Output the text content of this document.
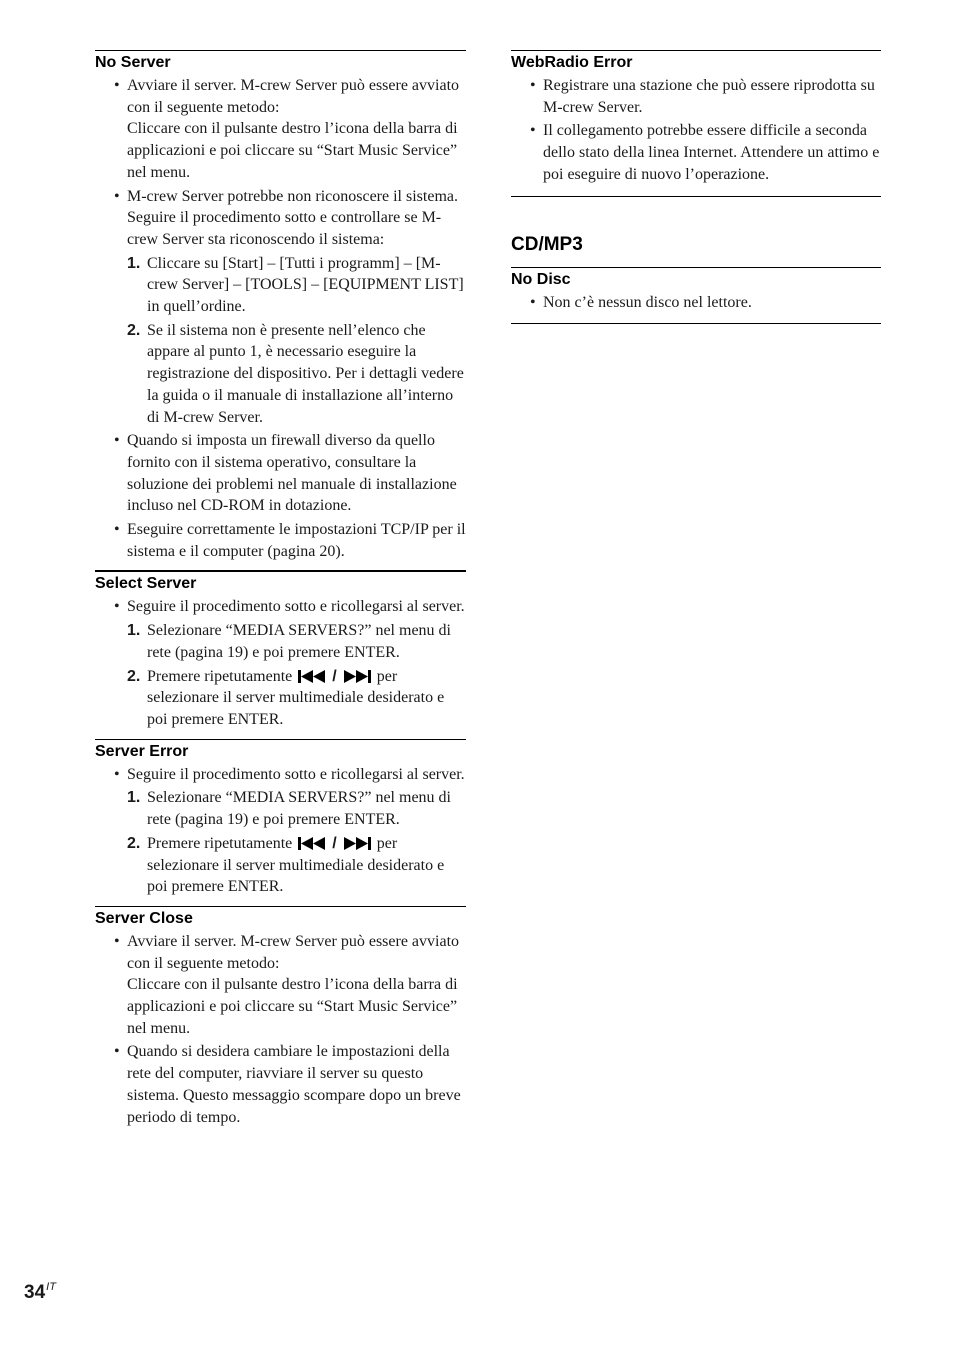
No Server
• Avviare il server. M-crew Server può essere avviato con il seguente metodo:
Cliccare con il pulsante destro l’icona della barra di applicazioni e poi cliccare su “Start Music Service” nel menu.
• M-crew Server potrebbe non riconoscere il sistema. Seguire il procedimento sotto e controllare se M-crew Server sta riconoscendo il sistema:
1. Cliccare su [Start] – [Tutti i programm] – [M-crew Server] – [TOOLS] – [EQUIPMENT LIST] in quell’ordine.
2. Se il sistema non è presente nell’elenco che appare al punto 1, è necessario eseguire la registrazione del dispositivo. Per i dettagli vedere la guida o il manuale di installazione all’interno di M-crew Server.
• Quando si imposta un firewall diverso da quello fornito con il sistema operativo, consultare la soluzione dei problemi nel manuale di installazione incluso nel CD-ROM in dotazione.
• Eseguire correttamente le impostazioni TCP/IP per il sistema e il computer (pagina 20).
Select Server
• Seguire il procedimento sotto e ricollegarsi al server.
1. Selezionare “MEDIA SERVERS?” nel menu di rete (pagina 19) e poi premere ENTER.
2. Premere ripetutamente	/	per selezionare il server multimediale desiderato e poi premere ENTER.
Server Error
• Seguire il procedimento sotto e ricollegarsi al server.
1. Selezionare “MEDIA SERVERS?” nel menu di rete (pagina 19) e poi premere ENTER.
2. Premere ripetutamente	/	per selezionare il server multimediale desiderato e poi premere ENTER.
Server Close
• Avviare il server. M-crew Server può essere avviato con il seguente metodo:
Cliccare con il pulsante destro l’icona della barra di applicazioni e poi cliccare su “Start Music Service” nel menu.
• Quando si desidera cambiare le impostazioni della rete del computer, riavviare il server su questo sistema. Questo messaggio scompare dopo un breve periodo di tempo.
WebRadio Error
• Registrare una stazione che può essere riprodotta su M-crew Server.
• Il collegamento potrebbe essere difficile a seconda dello stato della linea Internet. Attendere un attimo e poi eseguire di nuovo l’operazione.
CD/MP3
No Disc
• Non c’è nessun disco nel lettore.
$34^{IT}$
